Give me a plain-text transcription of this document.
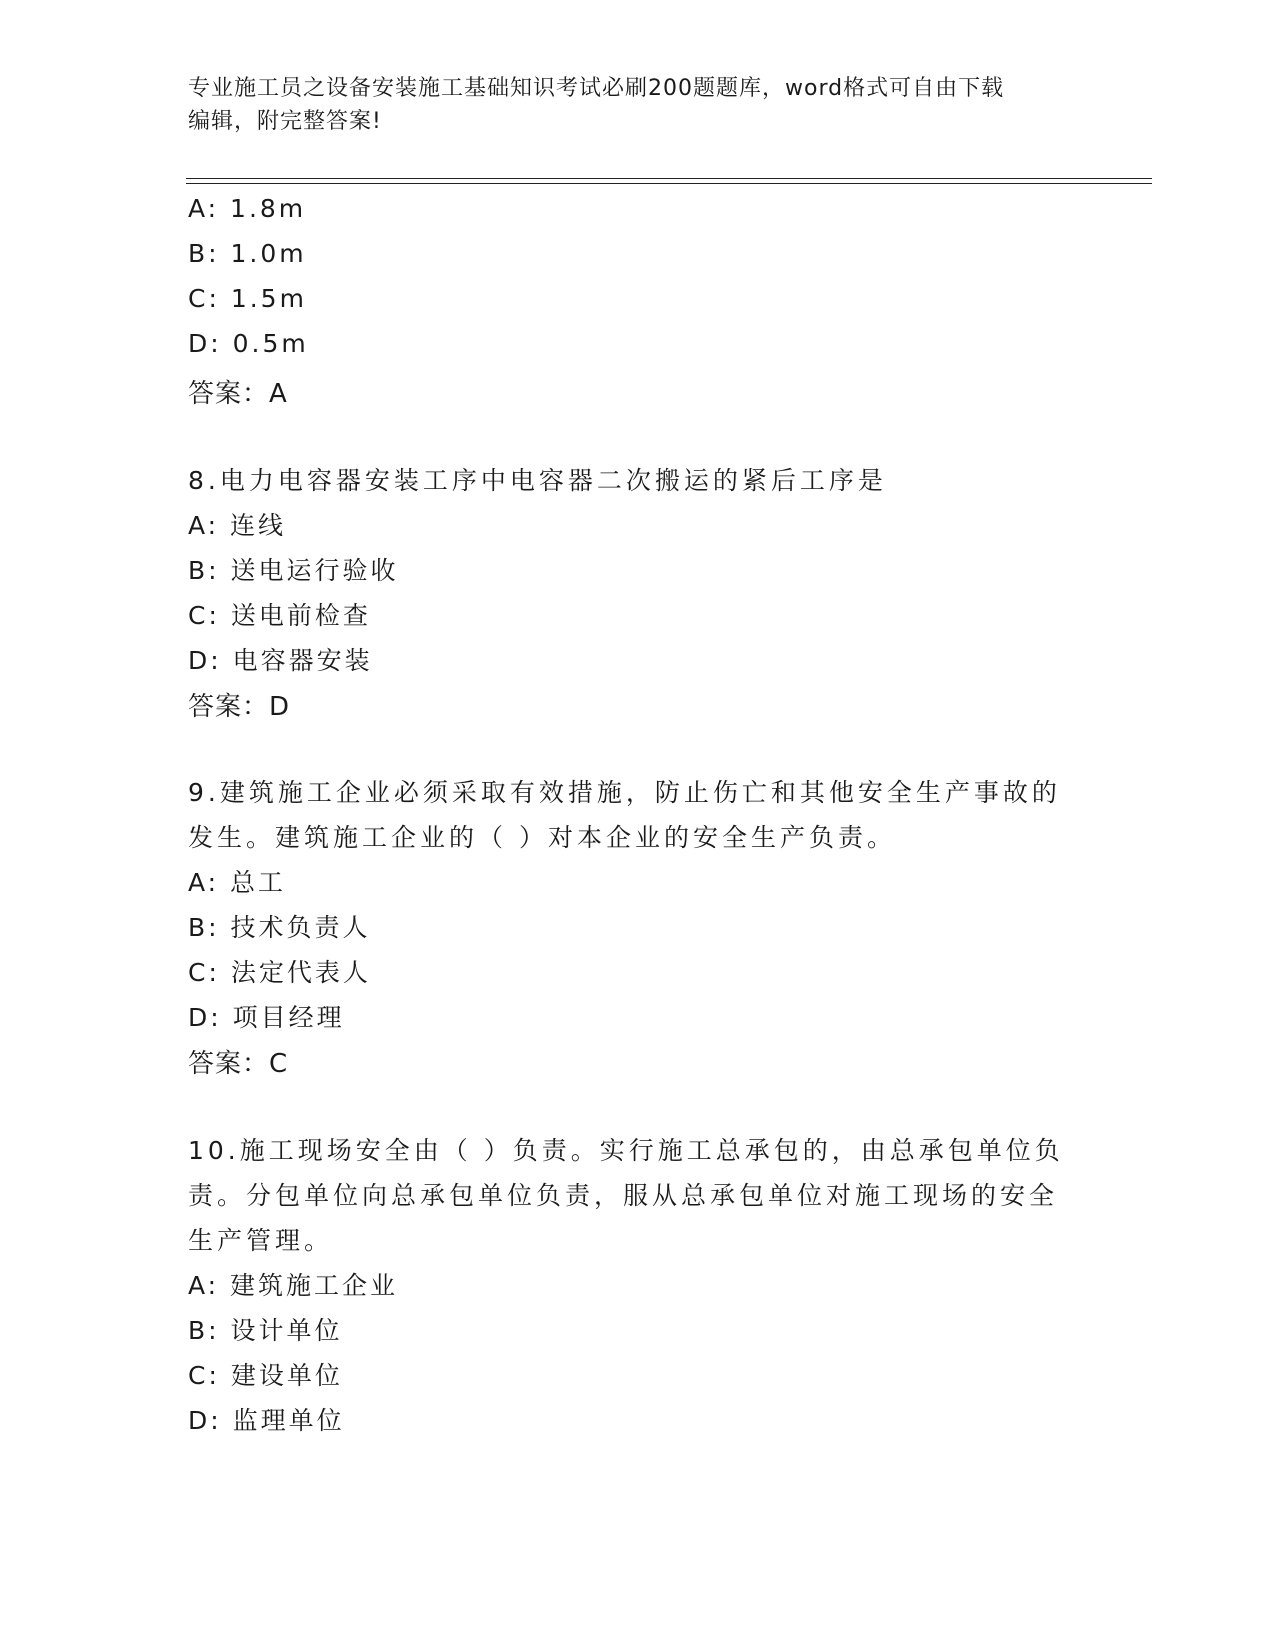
专业施工员之设备安装施工基础知识考试必刷200题题库，word格式可自由下载
编辑，附完整答案!
A: 1.8m
B: 1.0m
C: 1.5m
D: 0.5m
答案：A
8.电力电容器安装工序中电容器二次搬运的紧后工序是
A: 连线
B: 送电运行验收
C: 送电前检查
D: 电容器安装
答案：D
9.建筑施工企业必须采取有效措施，防止伤亡和其他安全生产事故的
发生。建筑施工企业的（ ）对本企业的安全生产负责。
A: 总工
B: 技术负责人
C: 法定代表人
D: 项目经理
答案：C
10.施工现场安全由（ ）负责。实行施工总承包的，由总承包单位负
责。分包单位向总承包单位负责，服从总承包单位对施工现场的安全
生产管理。
A: 建筑施工企业
B: 设计单位
C: 建设单位
D: 监理单位
